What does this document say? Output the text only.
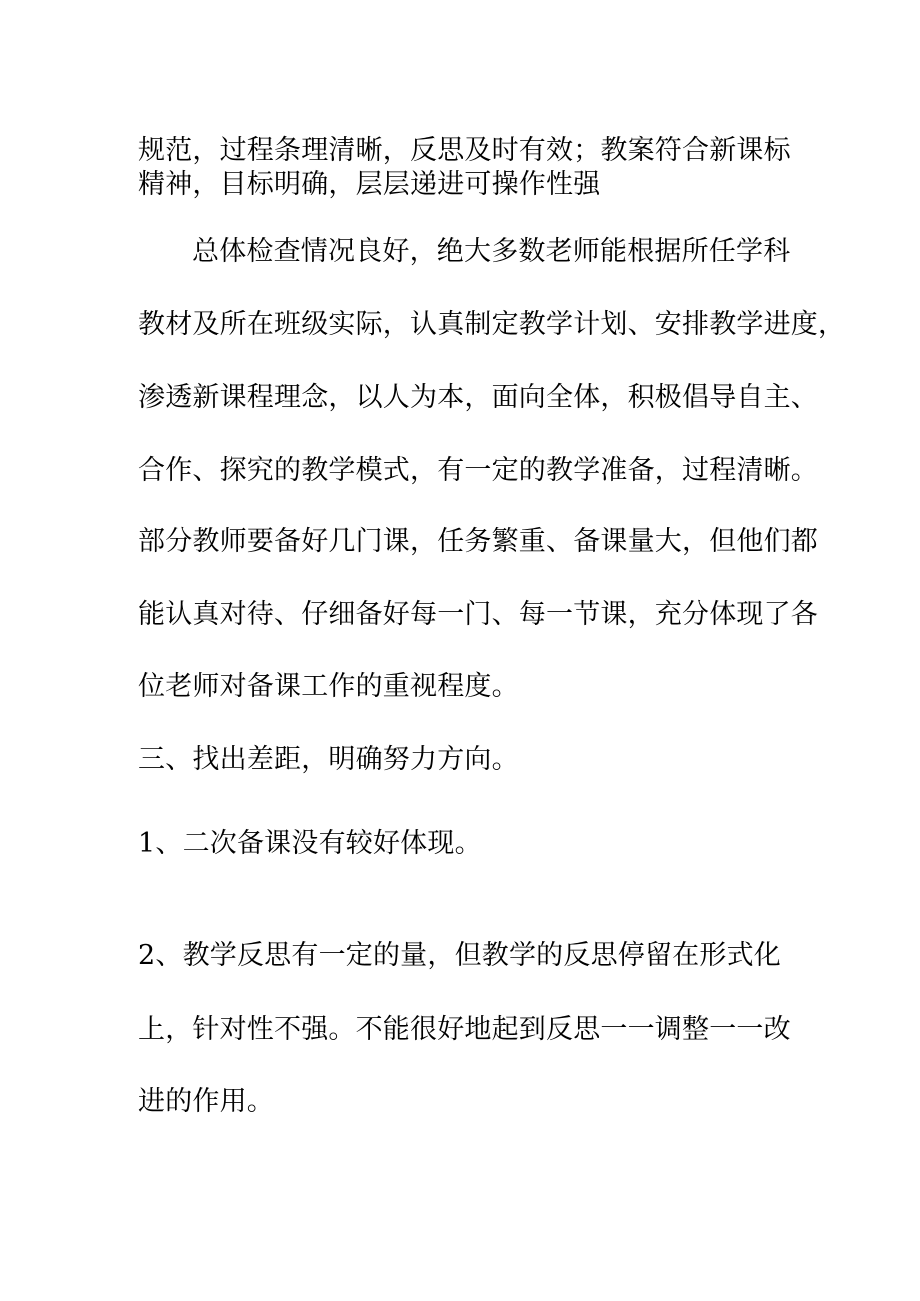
规范，过程条理清晰，反思及时有效；教案符合新课标
精神，目标明确，层层递进可操作性强
总体检查情况良好，绝大多数老师能根据所任学科
教材及所在班级实际，认真制定教学计划、安排教学进度，
渗透新课程理念，以人为本，面向全体，积极倡导自主、
合作、探究的教学模式，有一定的教学准备，过程清晰。
部分教师要备好几门课，任务繁重、备课量大，但他们都
能认真对待、仔细备好每一门、每一节课，充分体现了各
位老师对备课工作的重视程度。
三、找出差距，明确努力方向。
1、二次备课没有较好体现。
2、教学反思有一定的量，但教学的反思停留在形式化
上，针对性不强。不能很好地起到反思一一调整一一改
进的作用。
